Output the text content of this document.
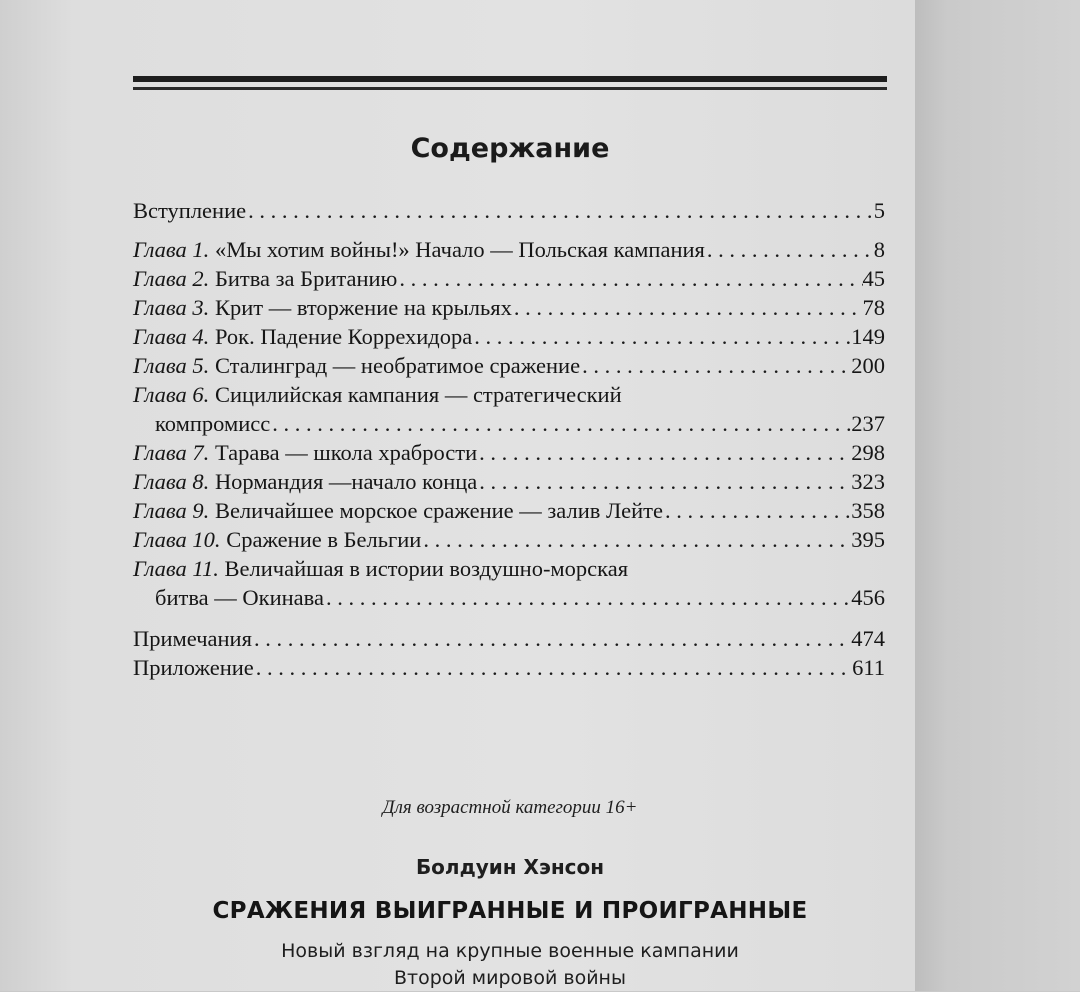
Содержание
Вступление . . .	5
Глава 1. «Мы хотим войны!» Начало — Польская кампания . . .	8
Глава 2. Битва за Британию . . .	45
Глава 3. Крит — вторжение на крыльях . . .	78
Глава 4. Рок. Падение Коррехидора . . .	149
Глава 5. Сталинград — необратимое сражение . . .	200
Глава 6. Сицилийская кампания — стратегический
компромисс . . .	237
Глава 7. Тарава — школа храбрости . . .	298
Глава 8. Нормандия —начало конца . . .	323
Глава 9. Величайшее морское сражение — залив Лейте . . .	358
Глава 10. Сражение в Бельгии . . .	395
Глава 11. Величайшая в истории воздушно-морская
битва — Окинава . . .	456
Примечания . . .	474
Приложение . . .	611
Для возрастной категории 16+
Болдуин Хэнсон
СРАЖЕНИЯ ВЫИГРАННЫЕ И ПРОИГРАННЫЕ
Новый взгляд на крупные военные кампании
Второй мировой войны
